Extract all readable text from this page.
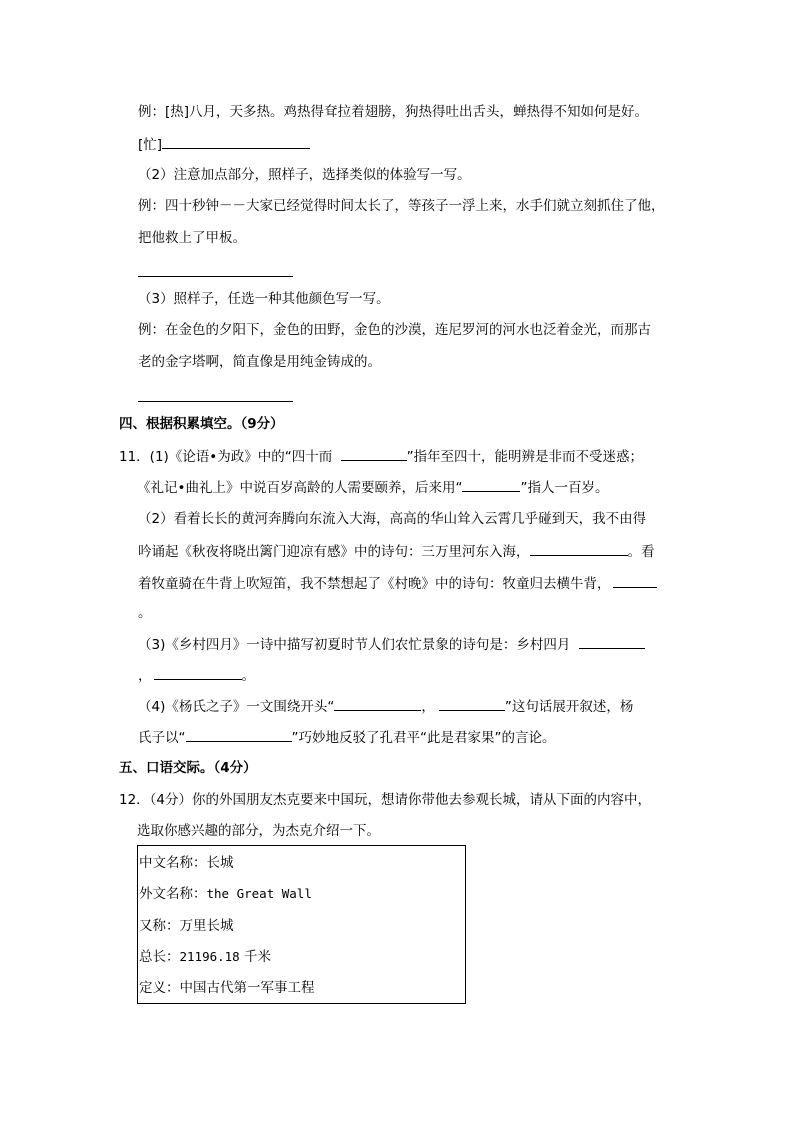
例：[热]八月，天多热。鸡热得耷拉着翅膀，狗热得吐出舌头，蝉热得不知如何是好。
[忙]
（2）注意加点部分，照样子，选择类似的体验写一写。
例：四十秒钟－－大家已经觉得时间太长了，等孩子一浮上来，水手们就立刻抓住了他，
把他救上了甲板。
（3）照样子，任选一种其他颜色写一写。
例：在金色的夕阳下，金色的田野，金色的沙漠，连尼罗河的河水也泛着金光，而那古
老的金字塔啊，简直像是用纯金铸成的。
四、根据积累填空。（9分）
11．(1)《论语•为政》中的“四十而	”指年至四十，能明辨是非而不受迷惑；
《礼记•曲礼上》中说百岁高龄的人需要颐养，后来用“	”指人一百岁。
（2）看着长长的黄河奔腾向东流入大海，高高的华山耸入云霄几乎碰到天，我不由得
吟诵起《秋夜将晓出篱门迎凉有感》中的诗句：三万里河东入海，	。看
着牧童骑在牛背上吹短笛，我不禁想起了《村晚》中的诗句：牧童归去横牛背，
。
（3)《乡村四月》一诗中描写初夏时节人们农忙景象的诗句是：乡村四月
，	。
（4)《杨氏之子》一文围绕开头“	，	”这句话展开叙述，杨
氏子以“	”巧妙地反驳了孔君平“此是君家果”的言论。
五、口语交际。（4分）
12．（4分）你的外国朋友杰克要来中国玩，想请你带他去参观长城，请从下面的内容中，
选取你感兴趣的部分，为杰克介绍一下。
中文名称：长城
外文名称：the Great Wall
又称：万里长城
总长：21196.18 千米
定义：中国古代第一军事工程
